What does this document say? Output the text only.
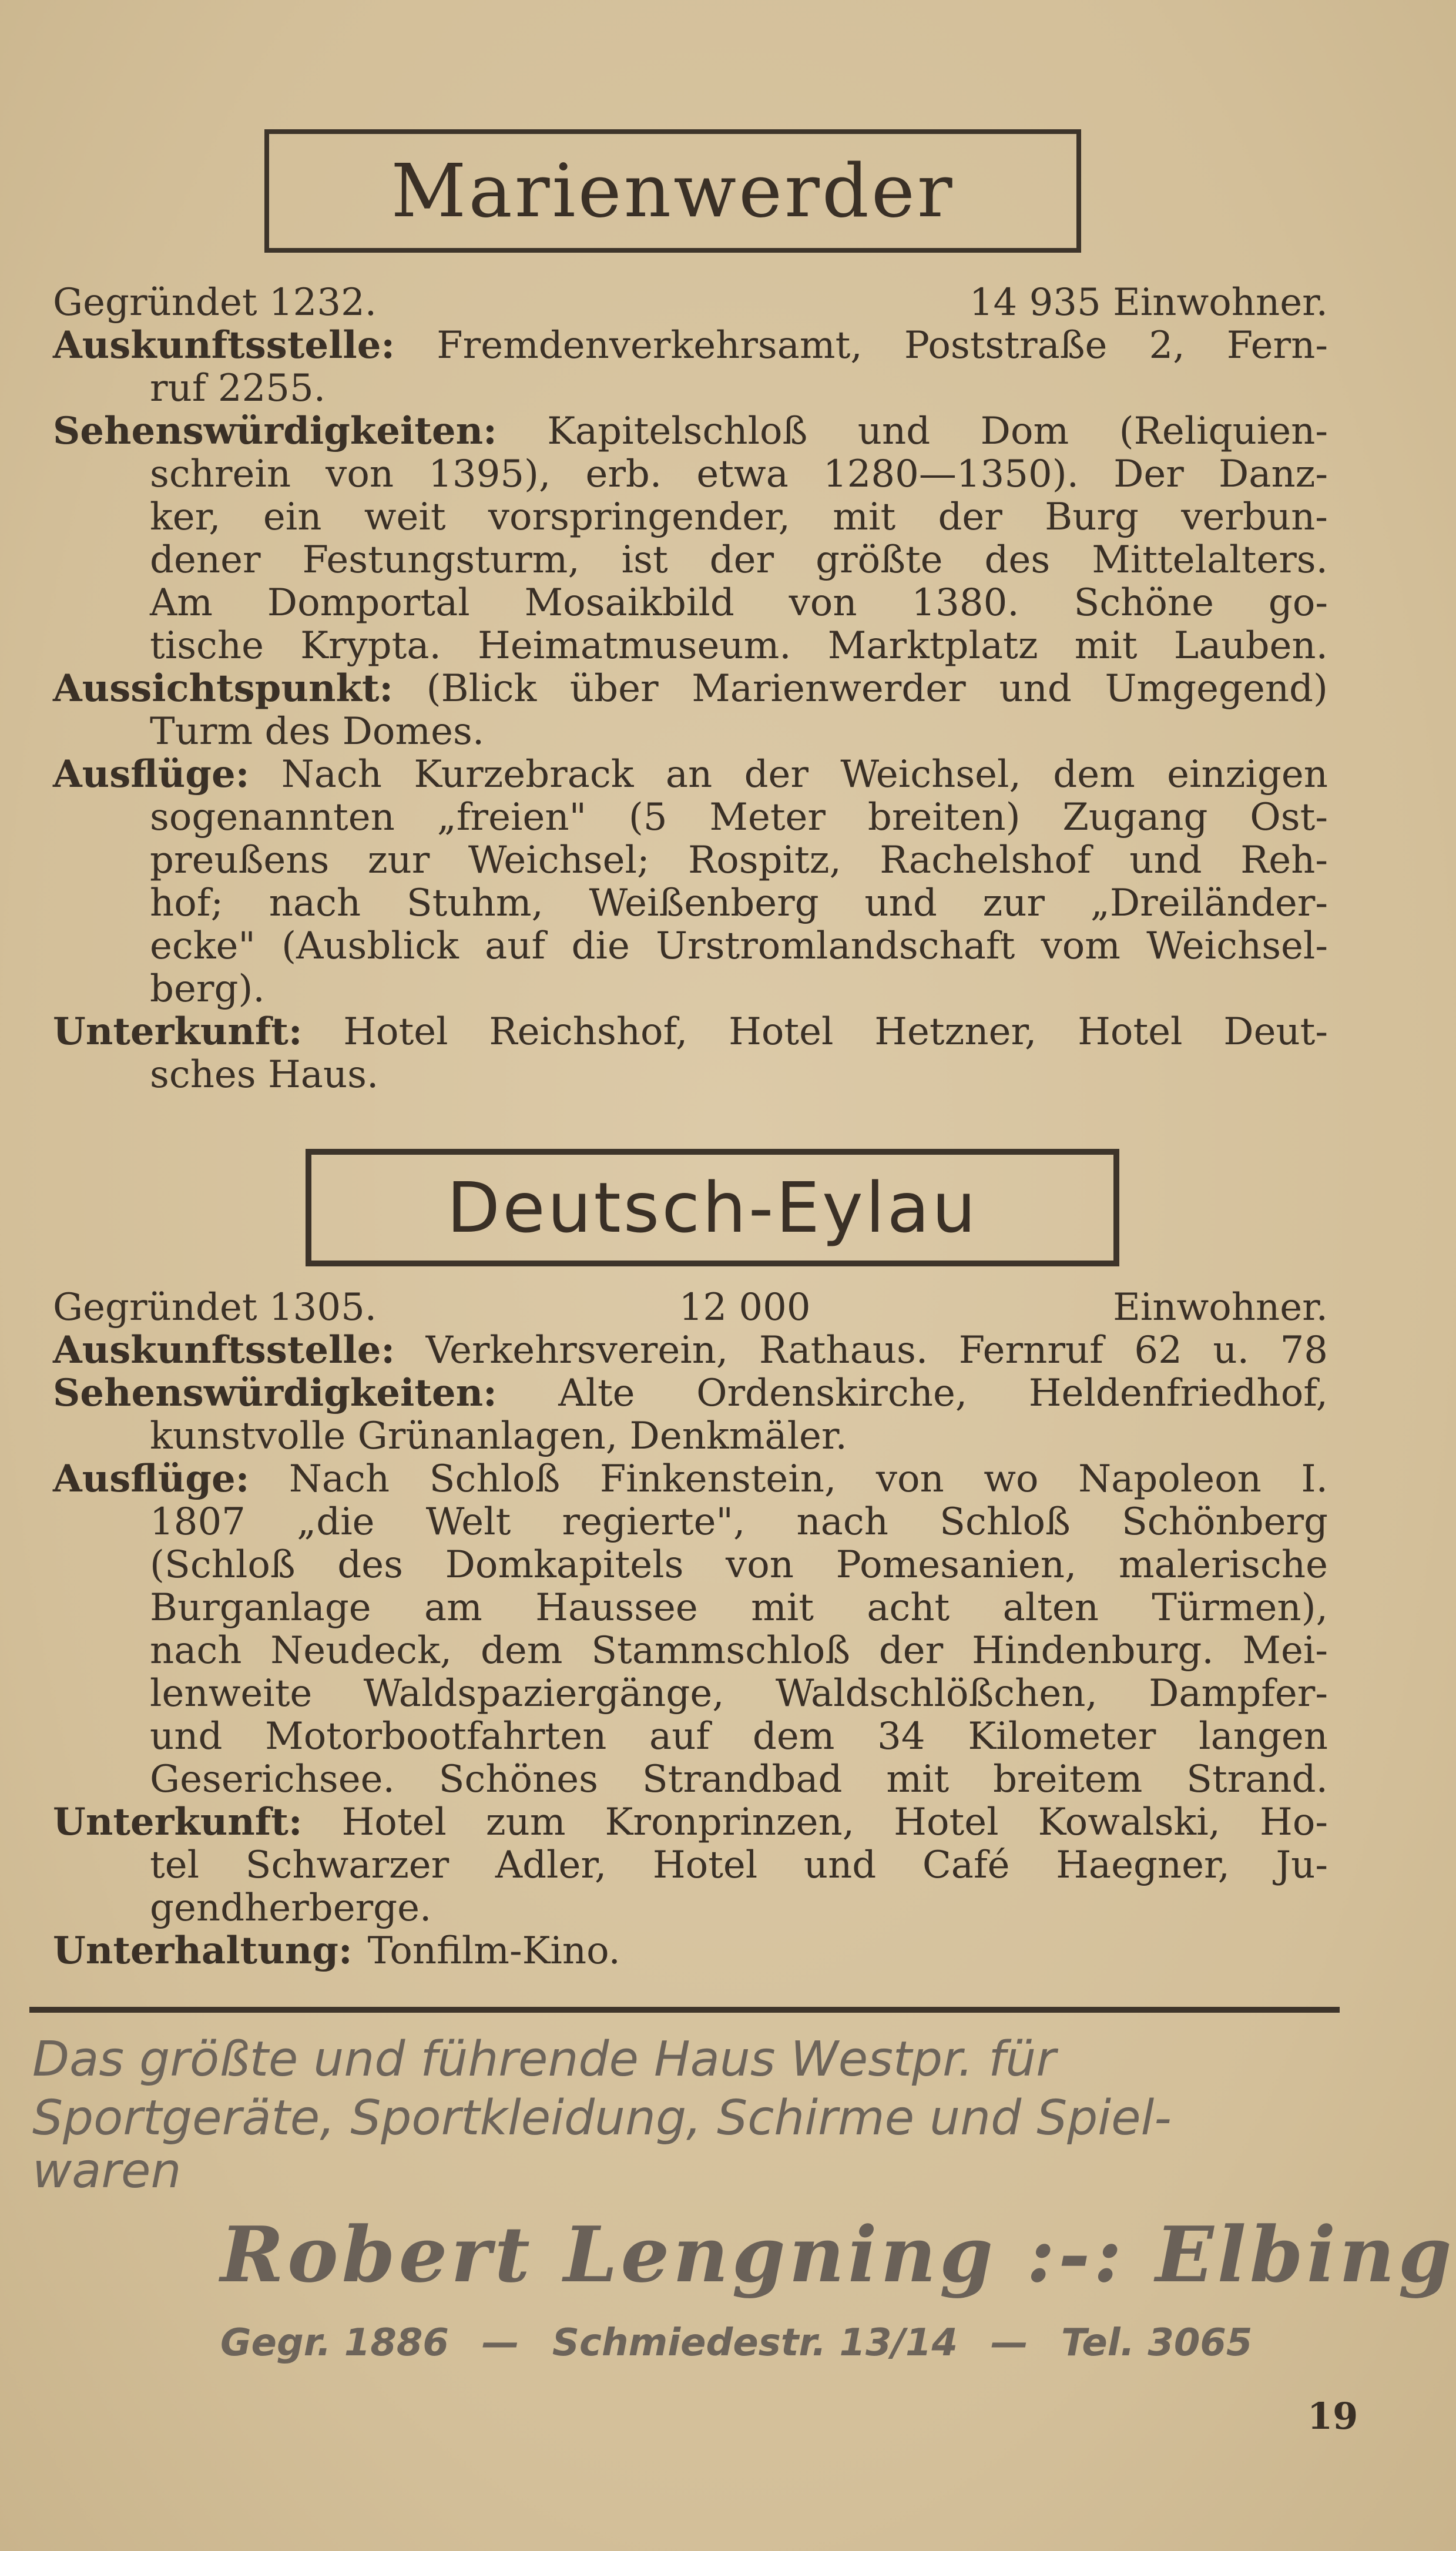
Marienwerder
Gegründet 1232.	14 935 Einwohner.
Auskunftsstelle: Fremdenverkehrsamt, Poststraße 2, Fern-
ruf 2255.
Sehenswürdigkeiten: Kapitelschloß und Dom (Reliquien-
schrein von 1395), erb. etwa 1280—1350). Der Danz-
ker, ein weit vorspringender, mit der Burg verbun-
dener Festungsturm, ist der größte des Mittelalters.
Am Domportal Mosaikbild von 1380. Schöne go-
tische Krypta. Heimatmuseum. Marktplatz mit Lauben.
Aussichtspunkt: (Blick über Marienwerder und Umgegend)
Turm des Domes.
Ausflüge: Nach Kurzebrack an der Weichsel, dem einzigen
sogenannten „freien" (5 Meter breiten) Zugang Ost-
preußens zur Weichsel; Rospitz, Rachelshof und Reh-
hof; nach Stuhm, Weißenberg und zur „Dreiländer-
ecke" (Ausblick auf die Urstromlandschaft vom Weichsel-
berg).
Unterkunft: Hotel Reichshof, Hotel Hetzner, Hotel Deut-
sches Haus.
Deutsch-Eylau
Gegründet 1305.	12 000	Einwohner.
Auskunftsstelle: Verkehrsverein, Rathaus. Fernruf 62 u. 78
Sehenswürdigkeiten: Alte Ordenskirche, Heldenfriedhof,
kunstvolle Grünanlagen, Denkmäler.
Ausflüge: Nach Schloß Finkenstein, von wo Napoleon I.
1807 „die Welt regierte", nach Schloß Schönberg
(Schloß des Domkapitels von Pomesanien, malerische
Burganlage am Haussee mit acht alten Türmen),
nach Neudeck, dem Stammschloß der Hindenburg. Mei-
lenweite Waldspaziergänge, Waldschlößchen, Dampfer-
und Motorbootfahrten auf dem 34 Kilometer langen
Geserichsee. Schönes Strandbad mit breitem Strand.
Unterkunft: Hotel zum Kronprinzen, Hotel Kowalski, Ho-
tel Schwarzer Adler, Hotel und Café Haegner, Ju-
gendherberge.
Unterhaltung: Tonfilm-Kino.
Das größte und führende Haus Westpr. für
Sportgeräte, Sportkleidung, Schirme und Spiel-
waren
Robert Lengning :-: Elbing
Gegr. 1886 — Schmiedestr. 13/14 — Tel. 3065
19
